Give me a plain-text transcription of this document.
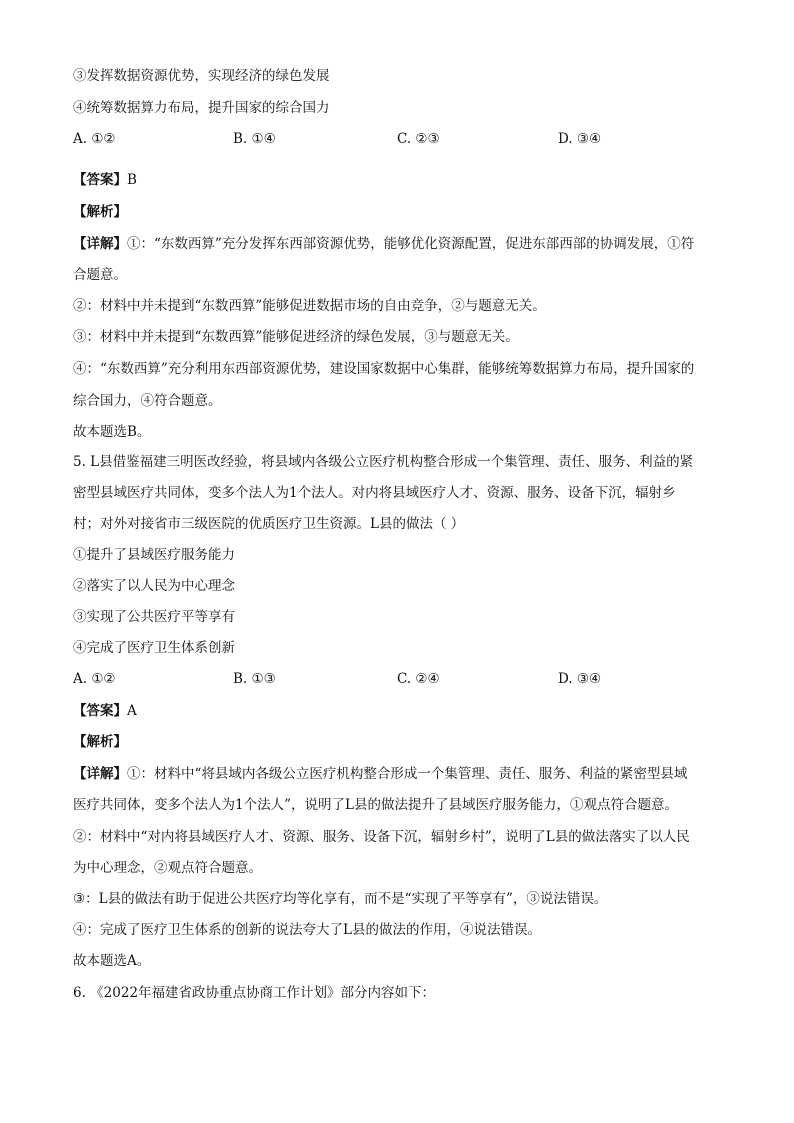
③发挥数据资源优势，实现经济的绿色发展
④统筹数据算力布局，提升国家的综合国力
A. ①②	B. ①④	C. ②③	D. ③④
【答案】B
【解析】
【详解】①：“东数西算”充分发挥东西部资源优势，能够优化资源配置，促进东部西部的协调发展，①符
合题意。
②：材料中并未提到“东数西算”能够促进数据市场的自由竞争，②与题意无关。
③：材料中并未提到“东数西算”能够促进经济的绿色发展，③与题意无关。
④：“东数西算”充分利用东西部资源优势，建设国家数据中心集群，能够统筹数据算力布局，提升国家的
综合国力，④符合题意。
故本题选B。
5. L县借鉴福建三明医改经验，将县域内各级公立医疗机构整合形成一个集管理、责任、服务、利益的紧
密型县域医疗共同体，变多个法人为1个法人。对内将县域医疗人才、资源、服务、设备下沉，辐射乡
村；对外对接省市三级医院的优质医疗卫生资源。L县的做法（ ）
①提升了县域医疗服务能力
②落实了以人民为中心理念
③实现了公共医疗平等享有
④完成了医疗卫生体系创新
A. ①②	B. ①③	C. ②④	D. ③④
【答案】A
【解析】
【详解】①：材料中“将县域内各级公立医疗机构整合形成一个集管理、责任、服务、利益的紧密型县域
医疗共同体，变多个法人为1个法人”，说明了L县的做法提升了县域医疗服务能力，①观点符合题意。
②：材料中“对内将县域医疗人才、资源、服务、设备下沉，辐射乡村”，说明了L县的做法落实了以人民
为中心理念，②观点符合题意。
③：L县的做法有助于促进公共医疗均等化享有，而不是“实现了平等享有”，③说法错误。
④：完成了医疗卫生体系的创新的说法夸大了L县的做法的作用，④说法错误。
故本题选A。
6. 《2022年福建省政协重点协商工作计划》部分内容如下：
